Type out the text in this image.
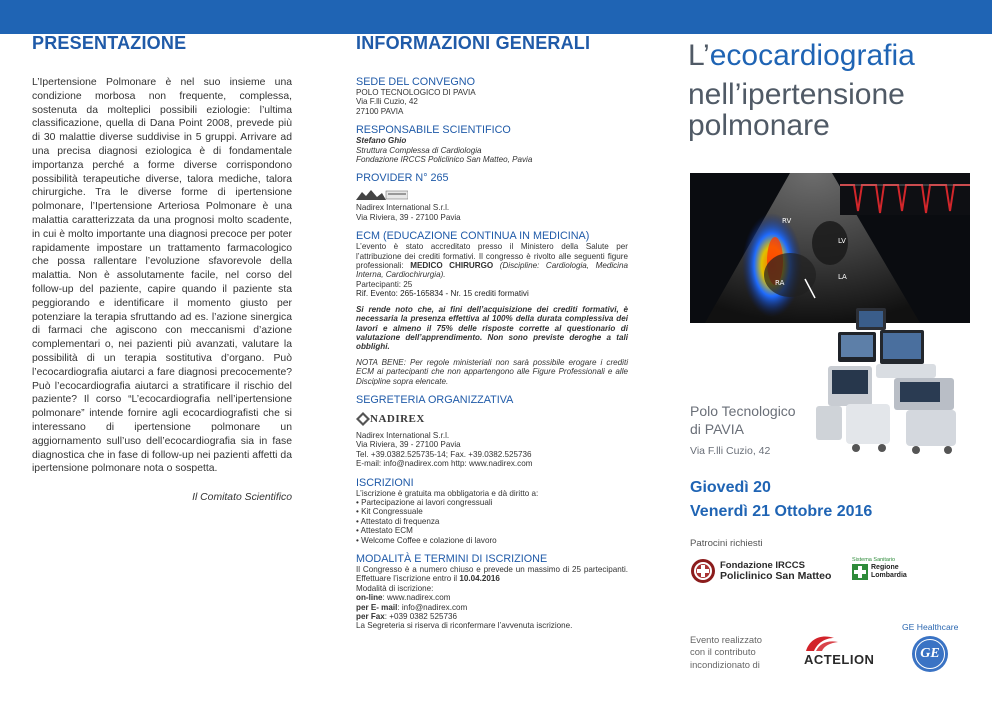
PRESENTAZIONE

L’Ipertensione Polmonare è nel suo insieme una condizione morbosa non frequente, complessa, sostenuta da molteplici possibili eziologie: l’ultima classificazione, quella di Dana Point 2008, prevede più di 30 malattie diverse suddivise in 5 gruppi. Arrivare ad una precisa diagnosi eziologica è di fondamentale importanza perché a forme diverse corrispondono possibilità terapeutiche diverse, talora mediche, talora chirurgiche. Tra le diverse forme di ipertensione polmonare, l’Ipertensione Arteriosa Polmonare è una malattia caratterizzata da una prognosi molto scadente, in cui è molto importante una diagnosi precoce per poter rapidamente impostare un trattamento farmacologico che possa rallentare l’evoluzione sfavorevole della malattia. Non è assolutamente facile, nel corso del follow-up del paziente, capire quando il paziente sta peggiorando e identificare il momento giusto per potenziare la terapia sfruttando ad es. l’azione sinergica di farmaci che agiscono con meccanismi d’azione complementari o, nei pazienti più avanzati, valutare la possibilità di un terapia sostitutiva d’organo. Può l’ecocardiografia aiutarci a fare diagnosi precocemente? Può l’ecocardiografia aiutarci a stratificare il rischio del paziente? Il corso “L’ecocardiografia nell’ipertensione polmonare” intende fornire agli ecocardiografisti che si interessano di ipertensione polmonare un aggiornamento sull’uso dell’ecocardiografia sia in fase diagnostica che in fase di follow-up nei pazienti affetti da ipertensione polmonare nota o sospetta.

Il Comitato Scientifico

INFORMAZIONI GENERALI
SEDE DEL CONVEGNO
POLO TECNOLOGICO DI PAVIA
Via F.lli Cuzio, 42
27100 PAVIA
RESPONSABILE SCIENTIFICO
Stefano Ghio
Struttura Complessa di Cardiologia
Fondazione IRCCS Policlinico San Matteo, Pavia
PROVIDER N° 265
Nadirex International S.r.l.
Via Riviera, 39 - 27100 Pavia
ECM (EDUCAZIONE CONTINUA IN MEDICINA)

L’evento è stato accreditato presso il Ministero della Salute per l’attribuzione dei crediti formativi. Il congresso è rivolto alle seguenti figure professionali: MEDICO CHIRURGO (Discipline: Cardiologia, Medicina Interna, Cardiochirurgia).

Partecipanti: 25
Rif. Evento: 265-165834 - Nr. 15 crediti formativi

Si rende noto che, ai fini dell’acquisizione dei crediti formativi, è necessaria la presenza effettiva al 100% della durata complessiva dei lavori e almeno il 75% delle risposte corrette al questionario di valutazione dell’apprendimento. Non sono previste deroghe a tali obblighi.

NOTA BENE: Per regole ministeriali non sarà possibile erogare i crediti ECM ai partecipanti che non appartengono alle Figure Professionali e alle Discipline sopra elencate.

SEGRETERIA ORGANIZZATIVA
NADIREX
Nadirex International S.r.l.
Via Riviera, 39 - 27100 Pavia
Tel. +39.0382.525735-14; Fax. +39.0382.525736
E-mail: info@nadirex.com http: www.nadirex.com
ISCRIZIONI
L’iscrizione è gratuita ma obbligatoria e dà diritto a:
• Partecipazione ai lavori congressuali
• Kit Congressuale
• Attestato di frequenza
• Attestato ECM
• Welcome Coffee e colazione di lavoro
MODALITÀ E TERMINI DI ISCRIZIONE

Il Congresso è a numero chiuso e prevede un massimo di 25 partecipanti. Effettuare l’iscrizione entro il 10.04.2016

Modalità di iscrizione:
on-line: www.nadirex.com
per E- mail: info@nadirex.com
per Fax: +039 0382 525736
La Segreteria si riserva di riconfermare l’avvenuta iscrizione.
L’ecocardiografia
nell’ipertensione
polmonare
RV
LV
LA
RA
Polo Tecnologico
di PAVIA
Via F.lli Cuzio, 42
Giovedì 20
Venerdì 21 Ottobre 2016
Patrocini richiesti
Fondazione IRCCS
Policlinico San Matteo
Sistema Sanitario
Regione
Lombardia
Evento realizzato
con il contributo
incondizionato di	ACTELION
GE Healthcare
GE
